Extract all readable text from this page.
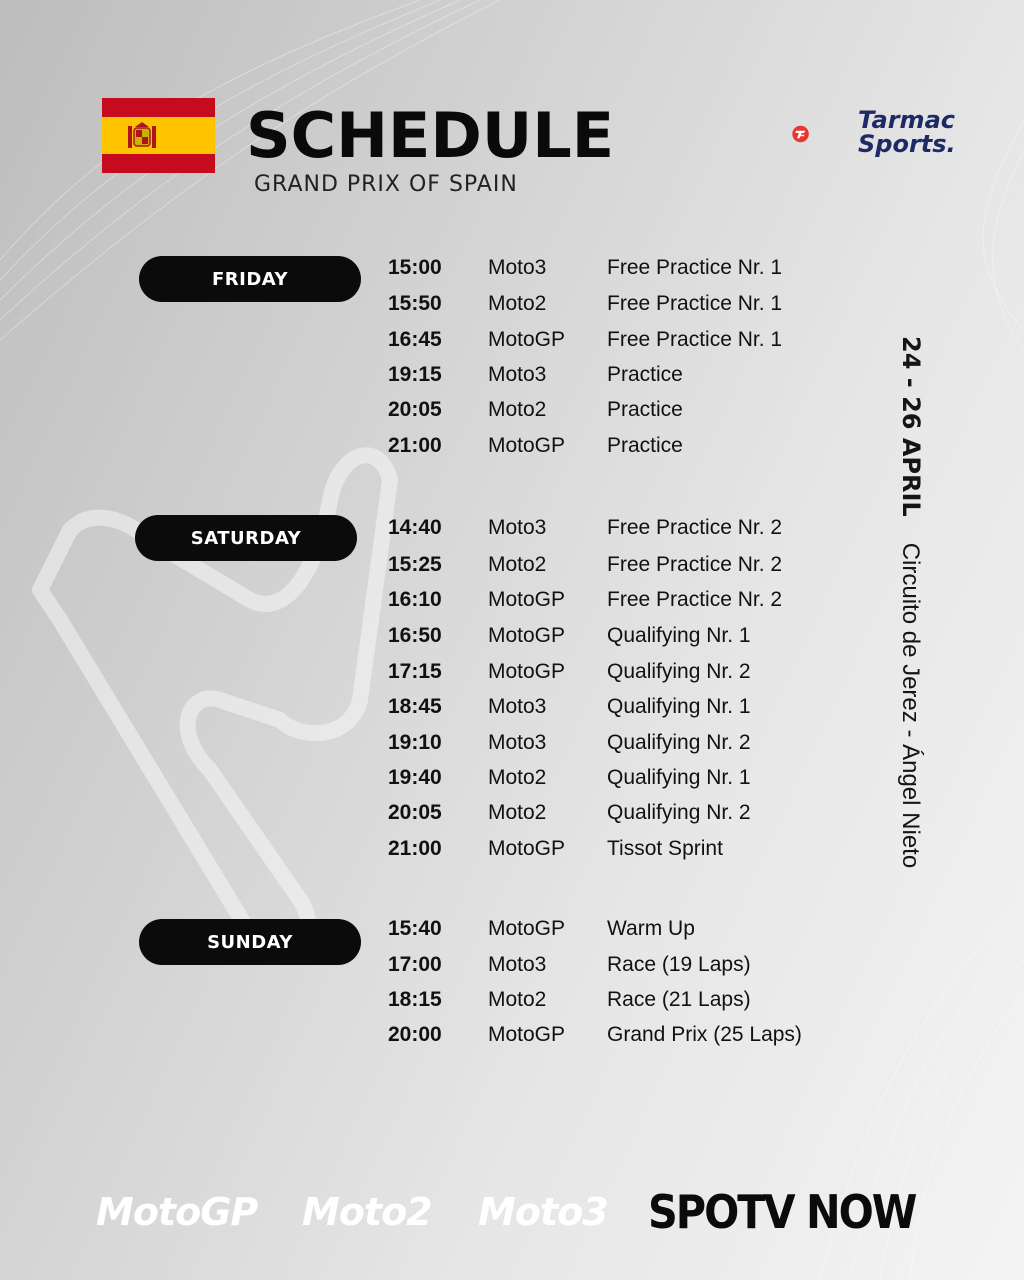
SCHEDULE
GRAND PRIX OF SPAIN
Tarmac
Sports.
FRIDAY
SATURDAY
SUNDAY
15:00 Moto3	Free Practice Nr. 1
15:50 Moto2	Free Practice Nr. 1
16:45 MotoGP Free Practice Nr. 1
19:15 Moto3	Practice
20:05 Moto2	Practice
21:00 MotoGP Practice
14:40 Moto3	Free Practice Nr. 2
15:25 Moto2	Free Practice Nr. 2
16:10 MotoGP Free Practice Nr. 2
16:50 MotoGP Qualifying Nr. 1
17:15 MotoGP Qualifying Nr. 2
18:45 Moto3	Qualifying Nr. 1
19:10 Moto3	Qualifying Nr. 2
19:40 Moto2	Qualifying Nr. 1
20:05 Moto2	Qualifying Nr. 2
21:00 MotoGP Tissot Sprint
15:40 MotoGP Warm Up
17:00 Moto3	Race (19 Laps)
18:15 Moto2	Race (21 Laps)
20:00 MotoGP Grand Prix (25 Laps)
24 - 26 APRILCircuito de Jerez - Ángel Nieto
MotoGP Moto2 Moto3 SPOTV NOW
